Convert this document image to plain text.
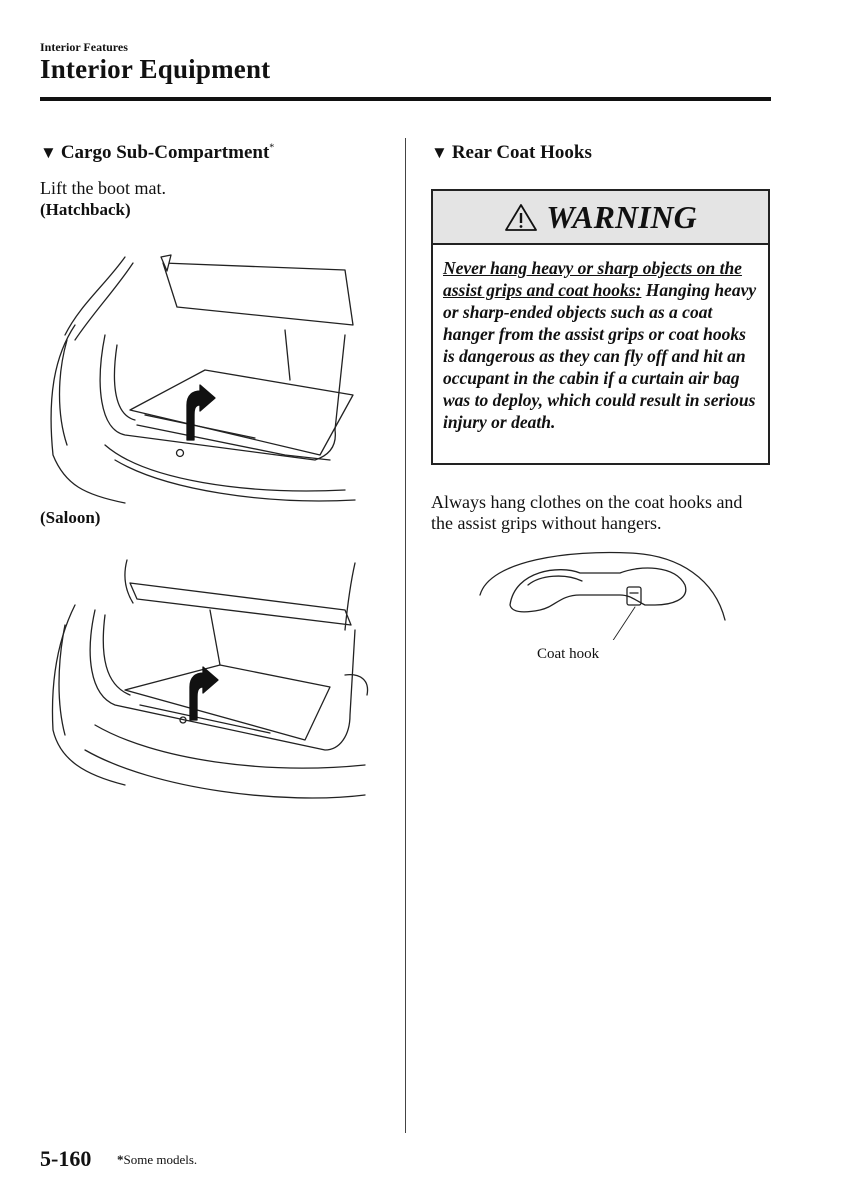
Interior Features
Interior Equipment
▼ Cargo Sub-Compartment*
Lift the boot mat.
(Hatchback)
(Saloon)
▼ Rear Coat Hooks
WARNING
Never hang heavy or sharp objects on the assist grips and coat hooks: Hanging heavy or sharp-ended objects such as a coat hanger from the assist grips or coat hooks is dangerous as they can fly off and hit an occupant in the cabin if a curtain air bag was to deploy, which could result in serious injury or death.
Always hang clothes on the coat hooks and the assist grips without hangers.
Coat hook
5-160 *Some models.
